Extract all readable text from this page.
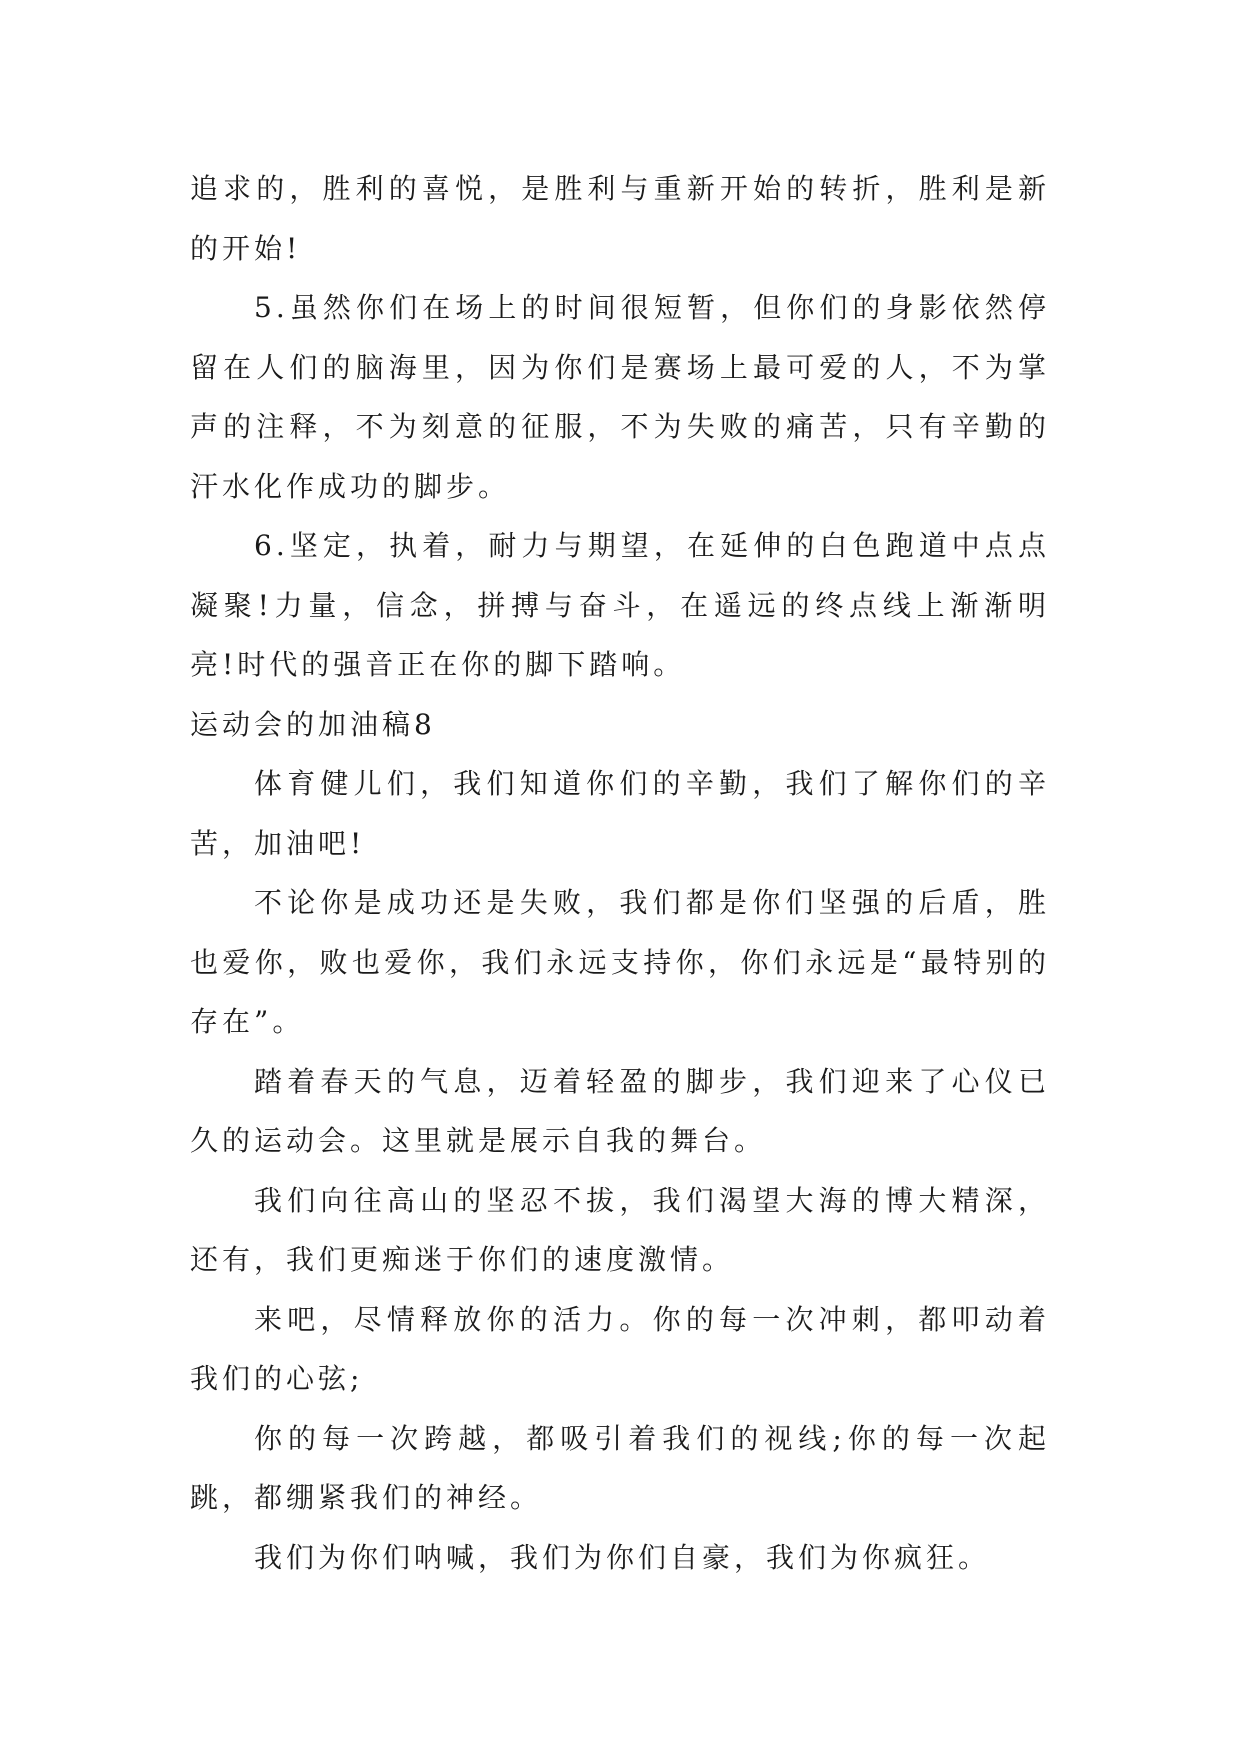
追求的，胜利的喜悦，是胜利与重新开始的转折，胜利是新的开始!

5.虽然你们在场上的时间很短暂，但你们的身影依然停留在人们的脑海里，因为你们是赛场上最可爱的人，不为掌声的注释，不为刻意的征服，不为失败的痛苦，只有辛勤的汗水化作成功的脚步。

6.坚定，执着，耐力与期望，在延伸的白色跑道中点点凝聚!力量，信念，拼搏与奋斗，在遥远的终点线上渐渐明亮!时代的强音正在你的脚下踏响。

运动会的加油稿8

体育健儿们，我们知道你们的辛勤，我们了解你们的辛苦，加油吧!

不论你是成功还是失败，我们都是你们坚强的后盾，胜也爱你，败也爱你，我们永远支持你，你们永远是“最特别的存在”。

踏着春天的气息，迈着轻盈的脚步，我们迎来了心仪已久的运动会。这里就是展示自我的舞台。

我们向往高山的坚忍不拔，我们渴望大海的博大精深，还有，我们更痴迷于你们的速度激情。

来吧，尽情释放你的活力。你的每一次冲刺，都叩动着我们的心弦;

你的每一次跨越，都吸引着我们的视线;你的每一次起跳，都绷紧我们的神经。

我们为你们呐喊，我们为你们自豪，我们为你疯狂。
